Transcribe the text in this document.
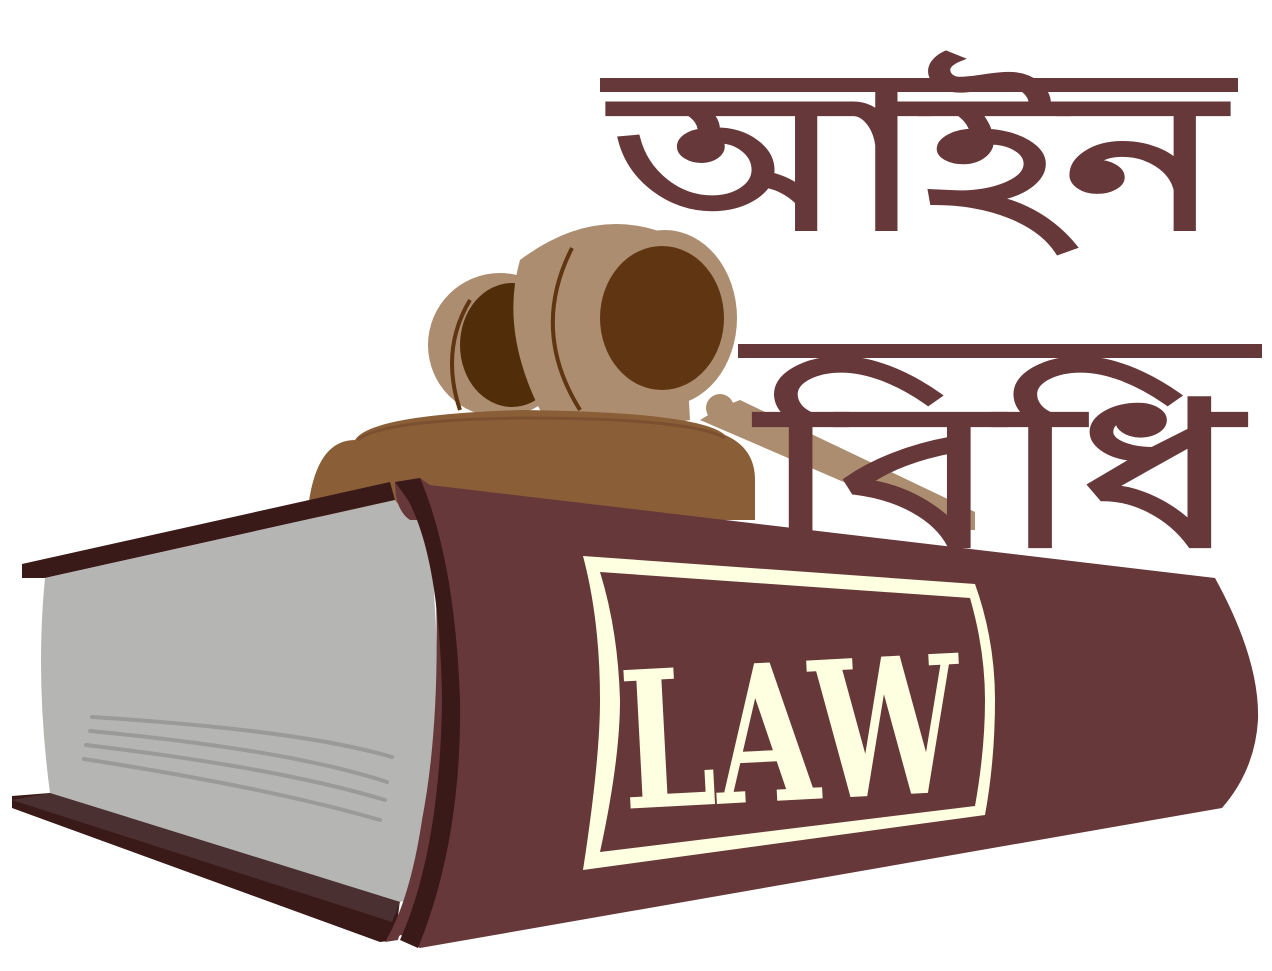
LAW
আইন
বিধি
